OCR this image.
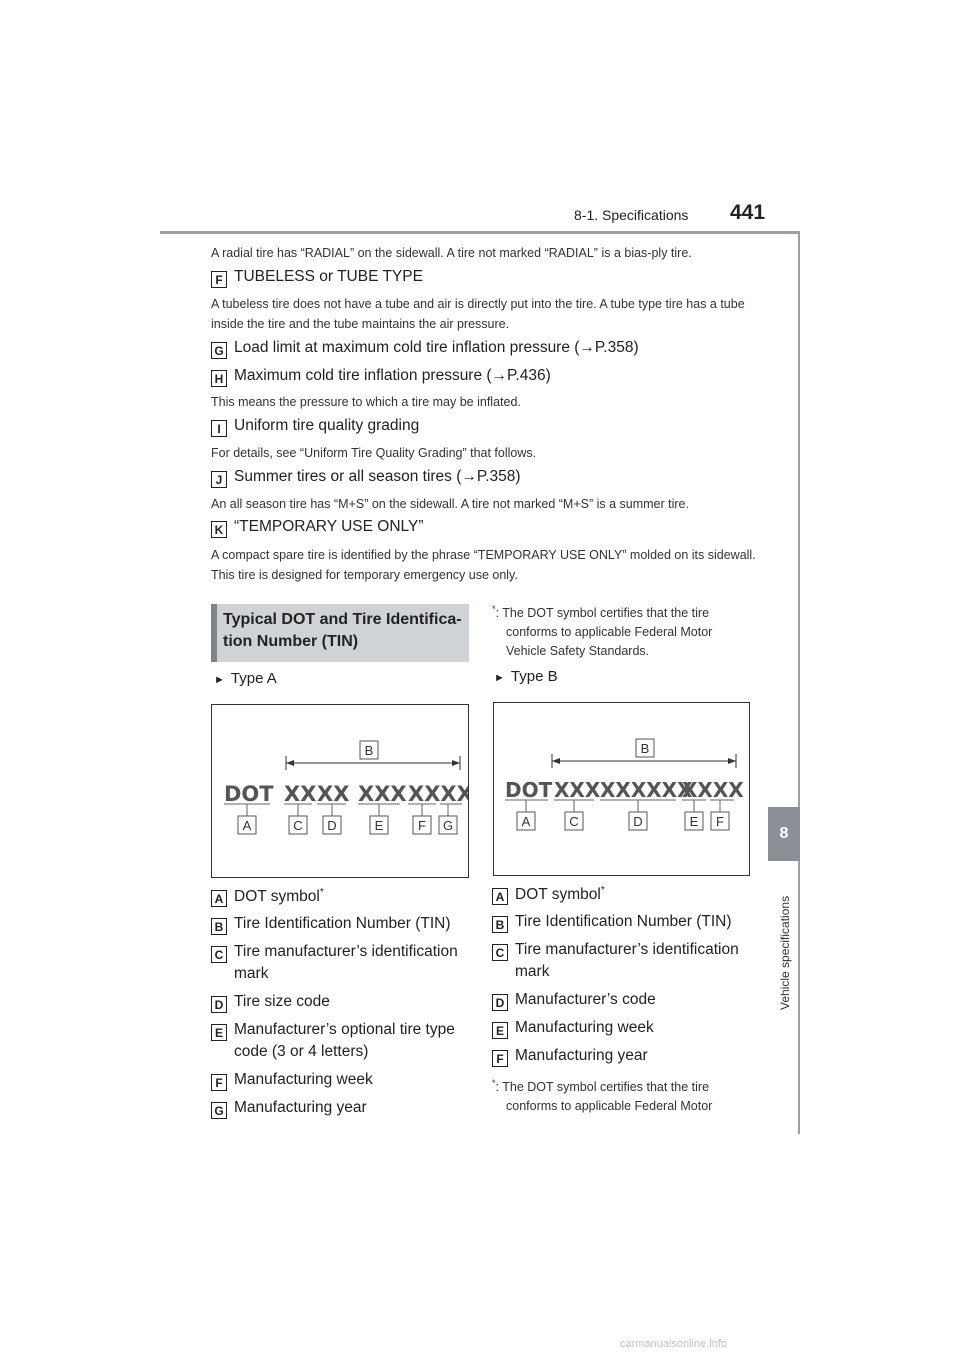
8-1. Specifications 441
8
Vehicle specifications
A radial tire has “RADIAL” on the sidewall. A tire not marked “RADIAL” is a bias-ply tire.
F TUBELESS or TUBE TYPE
A tubeless tire does not have a tube and air is directly put into the tire. A tube type tire has a tube inside the tire and the tube maintains the air pressure.
G Load limit at maximum cold tire inflation pressure (→P.358)
H Maximum cold tire inflation pressure (→P.436)
This means the pressure to which a tire may be inflated.
I Uniform tire quality grading
For details, see “Uniform Tire Quality Grading” that follows.
J Summer tires or all season tires (→P.358)
An all season tire has “M+S” on the sidewall. A tire not marked “M+S” is a summer tire.
K “TEMPORARY USE ONLY”
A compact spare tire is identified by the phrase “TEMPORARY USE ONLY” molded on its sidewall. This tire is designed for temporary emergency use only.
Typical DOT and Tire Identifica-
tion Number (TIN)
*: The DOT symbol certifies that the tire
conforms to applicable Federal Motor
Vehicle Safety Standards.
► Type A	► Type B
B
DOT XX XX XXX XXXX
A	C D	E	F G
B
DOT XXX XXXXXX
XXXX
A	C	D	E F
A DOT symbol*
B Tire Identification Number (TIN)
C Tire manufacturer’s identification
mark
D Tire size code
E Manufacturer’s optional tire type
code (3 or 4 letters)
F Manufacturing week
G Manufacturing year
A DOT symbol*
B Tire Identification Number (TIN)
C Tire manufacturer’s identification
mark
D Manufacturer’s code
E Manufacturing week
F Manufacturing year
*: The DOT symbol certifies that the tire
conforms to applicable Federal Motor
carmanualsonline.info
